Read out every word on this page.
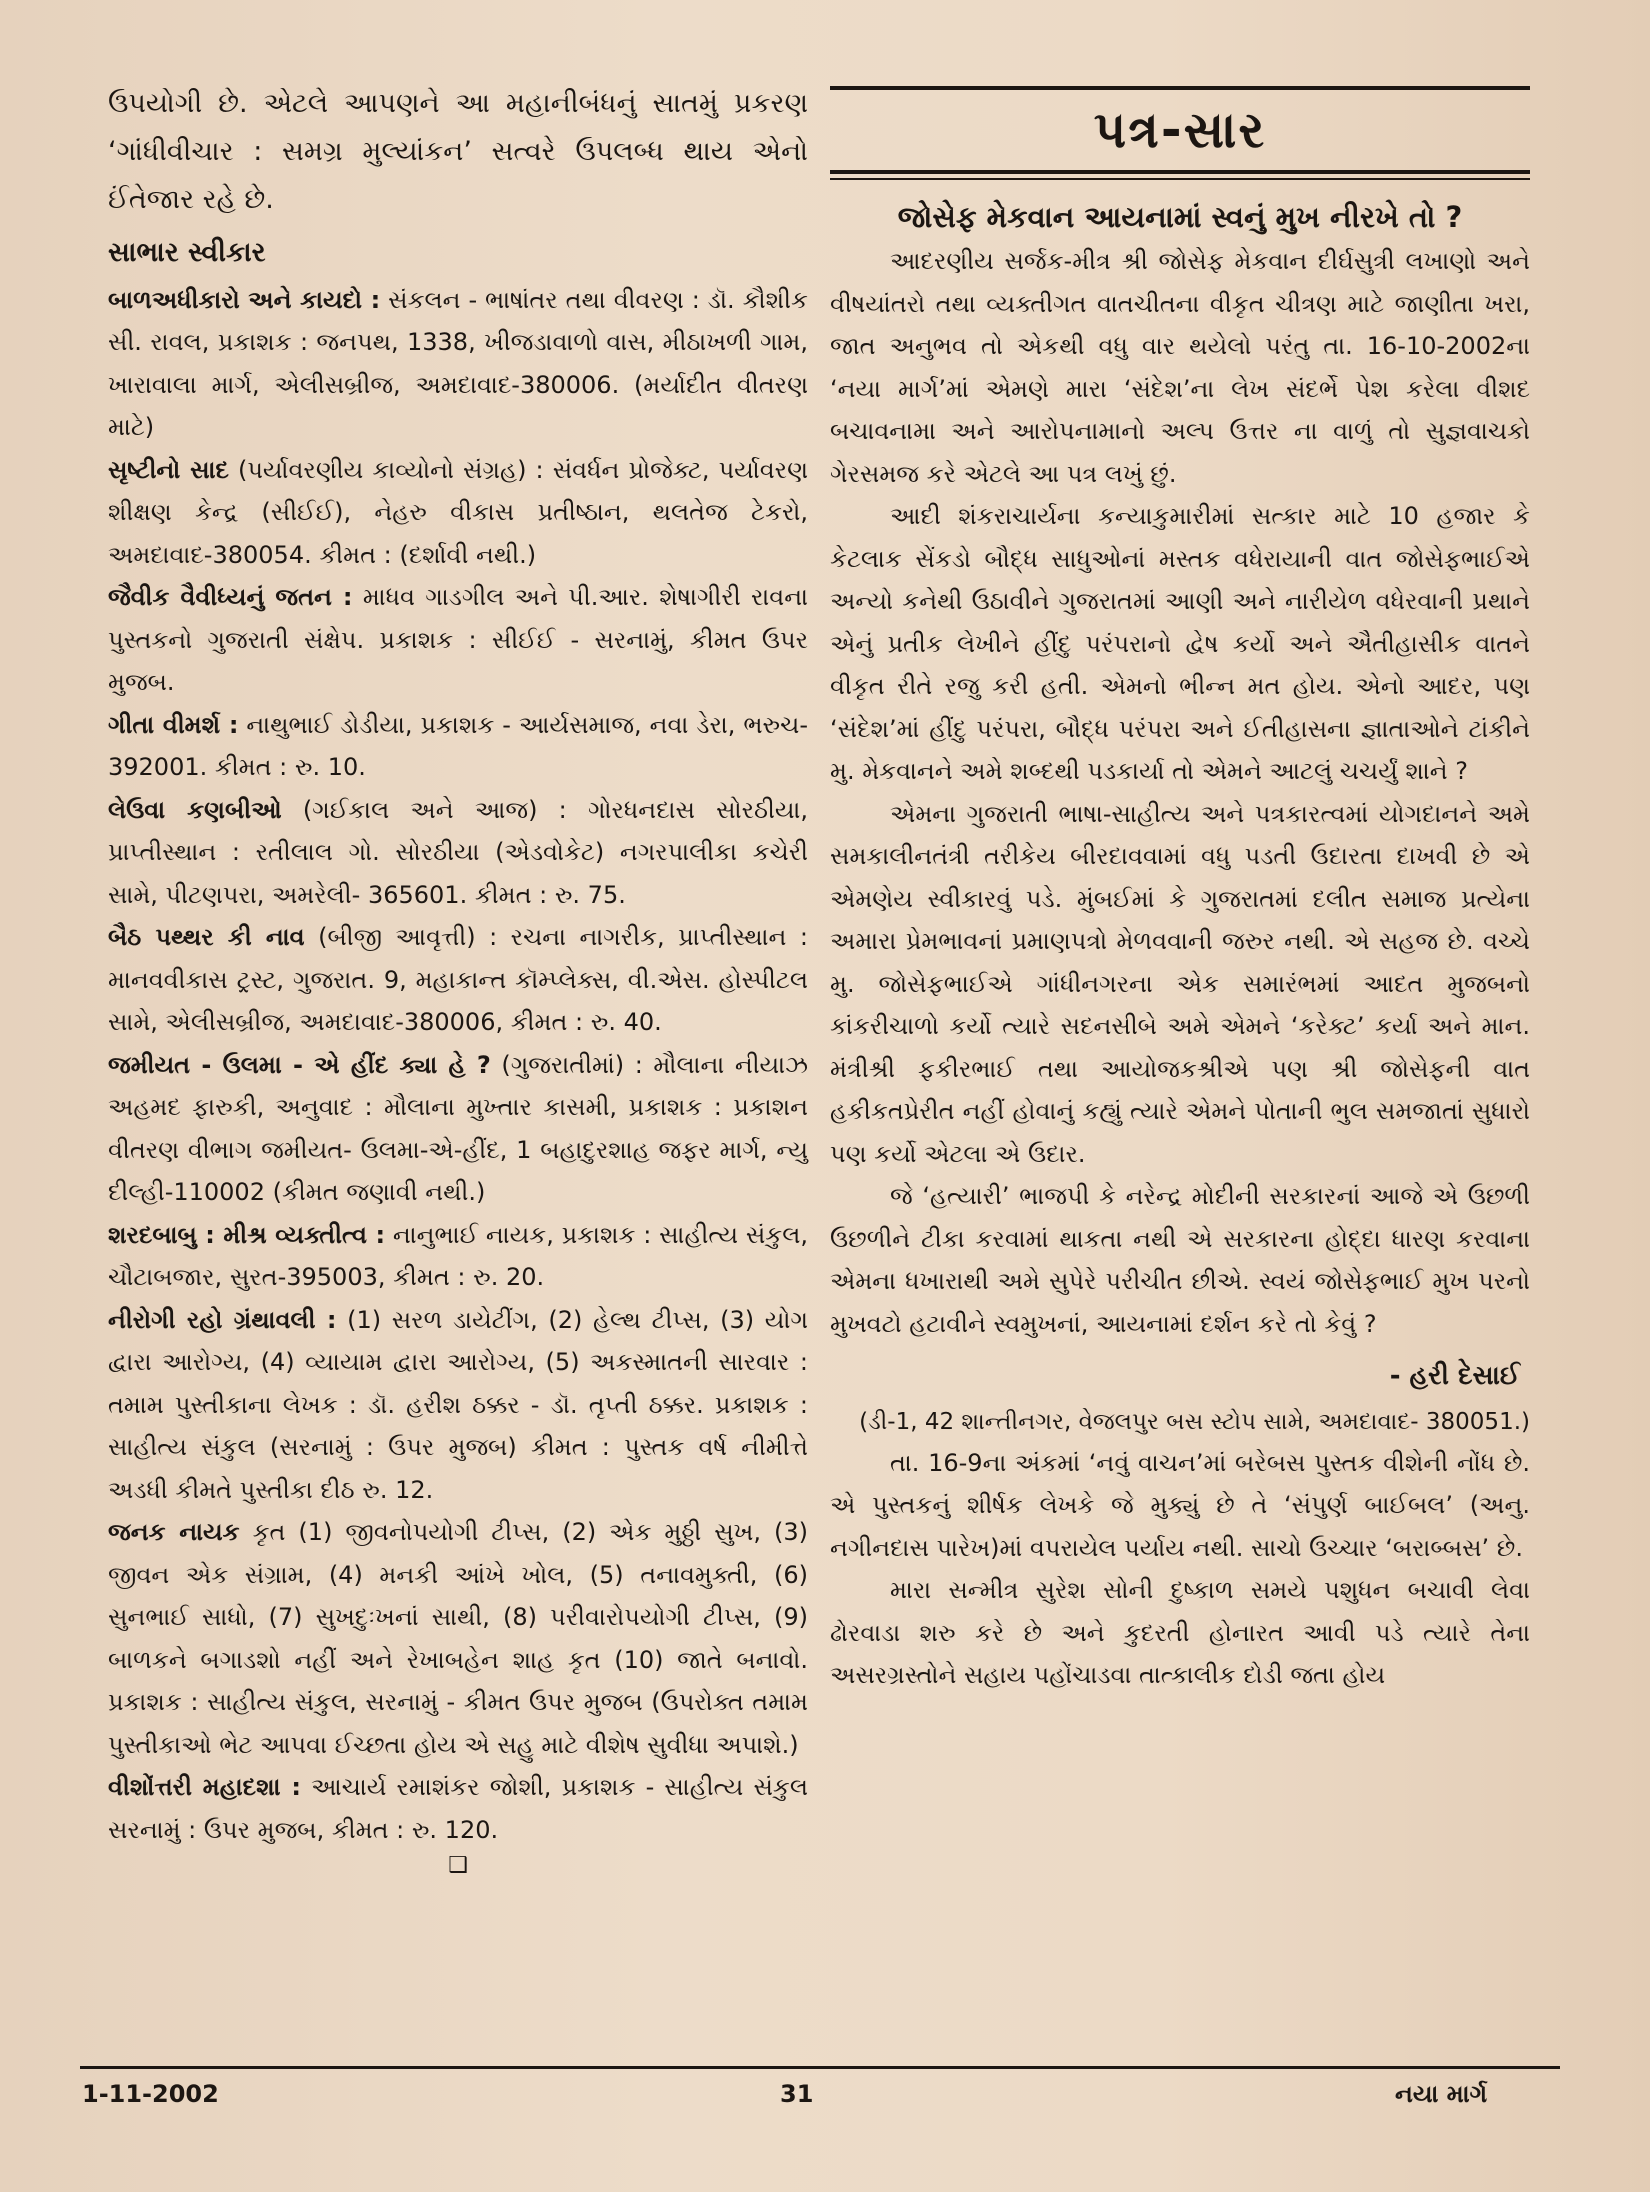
ઉપયોગી છે. એટલે આપણને આ મહાનીબંધનું સાતમું પ્રકરણ ‘ગાંધીવીચાર : સમગ્ર મુલ્યાંકન’ સત્વરે ઉપલબ્ધ થાય એનો ઈંતેજાર રહે છે.

સાભાર સ્વીકાર

બાળઅધીકારો અને કાયદો : સંકલન - ભાષાંતર તથા વીવરણ : ડૉ. કૌશીક સી. રાવલ, પ્રકાશક : જનપથ, 1338, ખીજડાવાળો વાસ, મીઠાખળી ગામ, ખારાવાલા માર્ગ, એલીસબ્રીજ, અમદાવાદ-380006. (મર્યાદીત વીતરણ માટે)

સૃષ્ટીનો સાદ (પર્યાવરણીય કાવ્યોનો સંગ્રહ) : સંવર્ધન પ્રોજેક્ટ, પર્યાવરણ શીક્ષણ કેન્દ્ર (સીઈઈ), નેહરુ વીકાસ પ્રતીષ્ઠાન, થલતેજ ટેકરો, અમદાવાદ-380054. કીમત : (દર્શાવી નથી.)

જૈવીક વૈવીધ્યનું જતન : માધવ ગાડગીલ અને પી.આર. શેષાગીરી રાવના પુસ્તકનો ગુજરાતી સંક્ષેપ. પ્રકાશક : સીઈઈ - સરનામું, કીમત ઉપર મુજબ.

ગીતા વીમર્શ : નાથુભાઈ ડોડીયા, પ્રકાશક - આર્યસમાજ, નવા ડેરા, ભરુચ- 392001. કીમત : રુ. 10.

લેઉવા કણબીઓ (ગઈકાલ અને આજ) : ગોરધનદાસ સોરઠીયા, પ્રાપ્તીસ્થાન : રતીલાલ ગો. સોરઠીયા (એડવોકેટ) નગરપાલીકા કચેરી સામે, પીટણપરા, અમરેલી- 365601. કીમત : રુ. 75.

બૈઠ પથ્થર કી નાવ (બીજી આવૃત્તી) : રચના નાગરીક, પ્રાપ્તીસ્થાન : માનવવીકાસ ટ્રસ્ટ, ગુજરાત. 9, મહાકાન્ત કૉમ્પ્લેક્સ, વી.એસ. હોસ્પીટલ સામે, એલીસબ્રીજ, અમદાવાદ-380006, કીમત : રુ. 40.

જમીયત - ઉલમા - એ હીંદ ક્યા હે ? (ગુજરાતીમાં) : મૌલાના નીયાઝ અહમદ ફારુકી, અનુવાદ : મૌલાના મુખ્તાર કાસમી, પ્રકાશક : પ્રકાશન વીતરણ વીભાગ જમીયત- ઉલમા-એ-હીંદ, 1 બહાદુરશાહ જફર માર્ગ, ન્યુ દીલ્હી-110002 (કીમત જણાવી નથી.)

શરદબાબુ : મીશ્ર વ્યક્તીત્વ : નાનુભાઈ નાયક, પ્રકાશક : સાહીત્ય સંકુલ, ચૌટાબજાર, સુરત-395003, કીમત : રુ. 20.

નીરોગી રહો ગ્રંથાવલી : (1) સરળ ડાયેટીંગ, (2) હેલ્થ ટીપ્સ, (3) યોગ દ્વારા આરોગ્ય, (4) વ્યાયામ દ્વારા આરોગ્ય, (5) અકસ્માતની સારવાર : તમામ પુસ્તીકાના લેખક : ડૉ. હરીશ ઠક્કર - ડૉ. તૃપ્તી ઠક્કર. પ્રકાશક : સાહીત્ય સંકુલ (સરનામું : ઉપર મુજબ) કીમત : પુસ્તક વર્ષ નીમીત્તે અડધી કીમતે પુસ્તીકા દીઠ રુ. 12.

જનક નાયક કૃત (1) જીવનોપયોગી ટીપ્સ, (2) એક મુઠ્ઠી સુખ, (3) જીવન એક સંગ્રામ, (4) મનકી આંખે ખોલ, (5) તનાવમુક્તી, (6) સુનભાઈ સાધો, (7) સુખદુઃખનાં સાથી, (8) પરીવારોપયોગી ટીપ્સ, (9) બાળકને બગાડશો નહીં અને રેખાબહેન શાહ કૃત (10) જાતે બનાવો. પ્રકાશક : સાહીત્ય સંકુલ, સરનામું - કીમત ઉપર મુજબ (ઉપરોક્ત તમામ પુસ્તીકાઓ ભેટ આપવા ઈચ્છતા હોય એ સહુ માટે વીશેષ સુવીધા અપાશે.)

વીશોંત્તરી મહાદશા : આચાર્ય રમાશંકર જોશી, પ્રકાશક - સાહીત્ય સંકુલ સરનામું : ઉપર મુજબ, કીમત : રુ. 120.

❑
પત્ર-સાર
જોસેફ મેકવાન આયનામાં સ્વનું મુખ નીરખે તો ?

આદરણીય સર્જક-મીત્ર શ્રી જોસેફ મેકવાન દીર્ઘસુત્રી લખાણો અને વીષયાંતરો તથા વ્યક્તીગત વાતચીતના વીકૃત ચીત્રણ માટે જાણીતા ખરા, જાત અનુભવ તો એકથી વધુ વાર થયેલો પરંતુ તા. 16-10-2002ના ‘નયા માર્ગ’માં એમણે મારા ‘સંદેશ’ના લેખ સંદર્ભે પેશ કરેલા વીશદ બચાવનામા અને આરોપનામાનો અલ્પ ઉત્તર ના વાળું તો સુજ્ઞવાચકો ગેરસમજ કરે એટલે આ પત્ર લખું છું.

આદી શંકરાચાર્યના કન્યાકુમારીમાં સત્કાર માટે 10 હજાર કે કેટલાક સેંકડો બૌદ્ધ સાધુઓનાં મસ્તક વધેરાયાની વાત જોસેફભાઈએ અન્યો કનેથી ઉઠાવીને ગુજરાતમાં આણી અને નારીયેળ વધેરવાની પ્રથાને એનું પ્રતીક લેખીને હીંદુ પરંપરાનો દ્વેષ કર્યો અને ઐતીહાસીક વાતને વીકૃત રીતે રજુ કરી હતી. એમનો ભીન્ન મત હોય. એનો આદર, પણ ‘સંદેશ’માં હીંદુ પરંપરા, બૌદ્ધ પરંપરા અને ઈતીહાસના જ્ઞાતાઓને ટાંકીને મુ. મેકવાનને અમે શબ્દથી પડકાર્યા તો એમને આટલું ચચર્યું શાને ?

એમના ગુજરાતી ભાષા-સાહીત્ય અને પત્રકારત્વમાં યોગદાનને અમે સમકાલીનતંત્રી તરીકેય બીરદાવવામાં વધુ પડતી ઉદારતા દાખવી છે એ એમણેય સ્વીકારવું પડે. મુંબઈમાં કે ગુજરાતમાં દલીત સમાજ પ્રત્યેના અમારા પ્રેમભાવનાં પ્રમાણપત્રો મેળવવાની જરુર નથી. એ સહજ છે. વચ્ચે મુ. જોસેફભાઈએ ગાંધીનગરના એક સમારંભમાં આદત મુજબનો કાંકરીચાળો કર્યો ત્યારે સદનસીબે અમે એમને ‘કરેક્ટ’ કર્યા અને માન. મંત્રીશ્રી ફકીરભાઈ તથા આયોજકશ્રીએ પણ શ્રી જોસેફની વાત હકીકતપ્રેરીત નહીં હોવાનું કહ્યું ત્યારે એમને પોતાની ભુલ સમજાતાં સુધારો પણ કર્યો એટલા એ ઉદાર.

જે ‘હત્યારી’ ભાજપી કે નરેન્દ્ર મોદીની સરકારનાં આજે એ ઉછળી ઉછળીને ટીકા કરવામાં થાકતા નથી એ સરકારના હોદ્દા ધારણ કરવાના એમના ધખારાથી અમે સુપેરે પરીચીત છીએ. સ્વયં જોસેફભાઈ મુખ પરનો મુખવટો હટાવીને સ્વમુખનાં, આયનામાં દર્શન કરે તો કેવું ?

- હરી દેસાઈ
(ડી-1, 42 શાન્તીનગર, વેજલપુર બસ સ્ટોપ સામે, અમદાવાદ- 380051.)

તા. 16-9ના અંકમાં ‘નવું વાચન’માં બરેબસ પુસ્તક વીશેની નોંધ છે. એ પુસ્તકનું શીર્ષક લેખકે જે મુક્યું છે તે ‘સંપુર્ણ બાઈબલ’ (અનુ. નગીનદાસ પારેખ)માં વપરાયેલ પર્યાય નથી. સાચો ઉચ્ચાર ‘બરાબ્બસ’ છે.

મારા સન્મીત્ર સુરેશ સોની દુષ્કાળ સમયે પશુધન બચાવી લેવા ઢોરવાડા શરુ કરે છે અને કુદરતી હોનારત આવી પડે ત્યારે તેના અસરગ્રસ્તોને સહાય પહોંચાડવા તાત્કાલીક દોડી જતા હોય

1-11-2002	31	નયા માર્ગ
